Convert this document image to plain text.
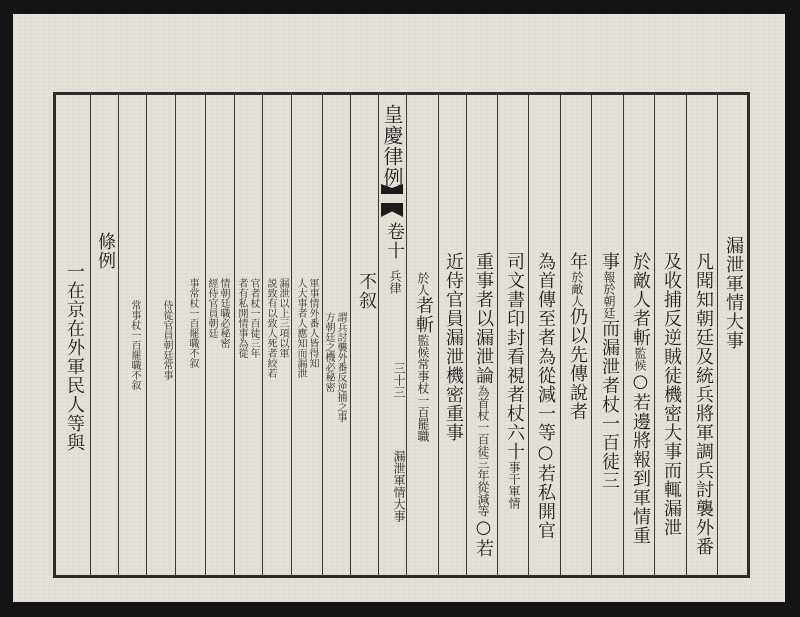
皇慶律例
卷十
兵律
三十三
漏泄軍情大事
漏泄軍情大事
凡聞知朝廷及統兵將軍調兵討襲外番
及收捕反逆賊徒機密大事而輒漏泄
於敵人者斬監候○若邊將報到軍情重
事報於朝廷而漏泄者杖一百徒三
年於敵人仍以先傳說者
為首傳至者為從減一等○若私開官
司文書印封看視者杖六十事干軍情
重事者以漏泄論為首杖一百徒三年從減等○若
近侍官員漏泄機密重事
於人者斬監候常事杖一百罷職
不叙
謂兵討襲外番反逆捕之事
方朝廷之機必秘密
軍事情外番人皆得知
人大事者人應知而漏泄
漏泄以上三項以軍
説致有以致人死者絞若
官者杖一百徒三年
者有私開情事為從
情朝廷職必秘密
經侍官員朝廷
事常杖一百罷職不叙
侍從官員朝廷常事
常事杖一百罷職不叙
條例
一在京在外軍民人等與
